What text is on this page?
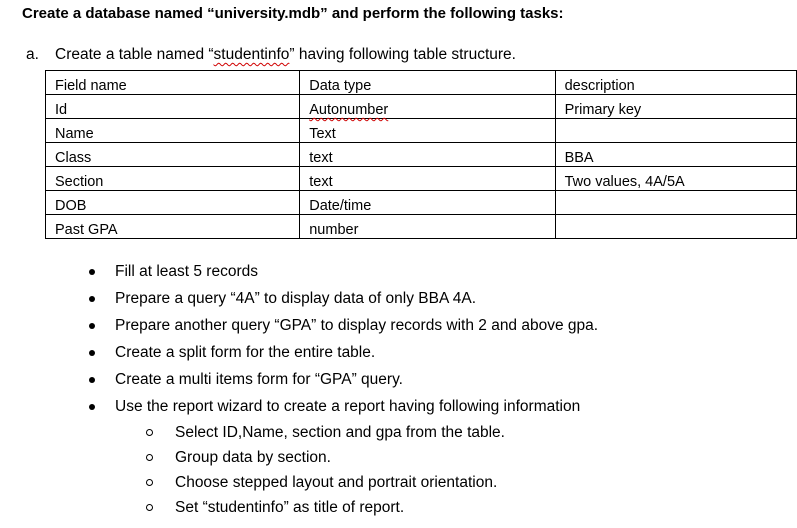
Create a database named “university.mdb” and perform the following tasks:
a. Create a table named “studentinfo” having following table structure.
Field name	Data type	description
Id	Autonumber	Primary key
Name	Text	
Class	text	BBA
Section	text	Two values, 4A/5A
DOB	Date/time	
Past GPA	number	
Fill at least 5 records
Prepare a query “4A” to display data of only BBA 4A.
Prepare another query “GPA” to display records with 2 and above gpa.
Create a split form for the entire table.
Create a multi items form for “GPA” query.
Use the report wizard to create a report having following information
Select ID,Name, section and gpa from the table.
Group data by section.
Choose stepped layout and portrait orientation.
Set “studentinfo” as title of report.
